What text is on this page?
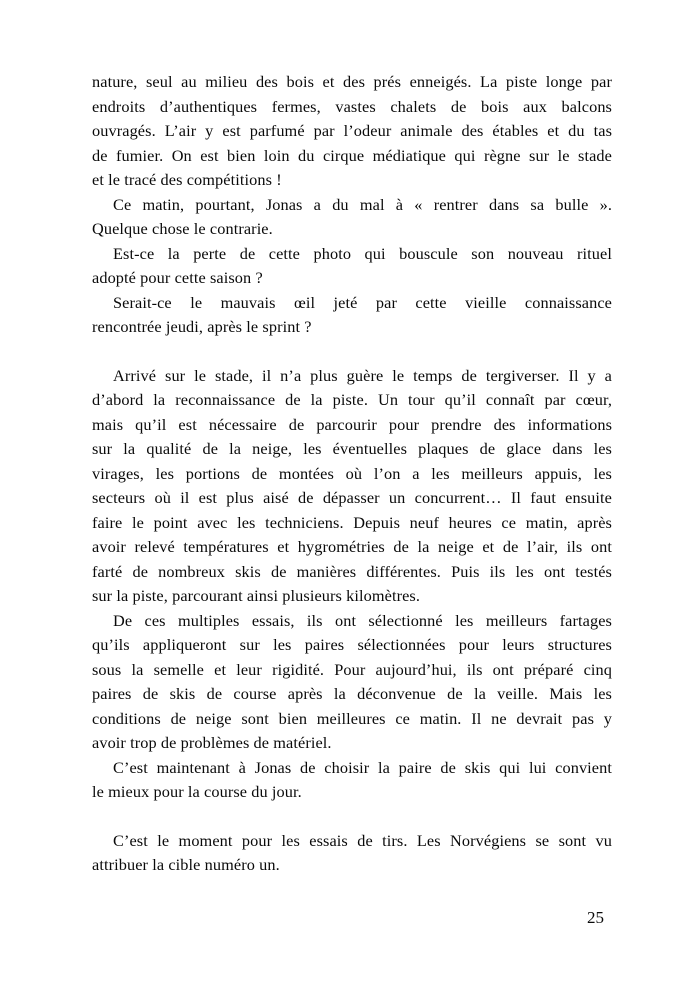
nature, seul au milieu des bois et des prés enneigés. La piste longe par
endroits d’authentiques fermes, vastes chalets de bois aux balcons
ouvragés. L’air y est parfumé par l’odeur animale des étables et du tas
de fumier. On est bien loin du cirque médiatique qui règne sur le stade
et le tracé des compétitions !
Ce matin, pourtant, Jonas a du mal à « rentrer dans sa bulle ».
Quelque chose le contrarie.
Est-ce la perte de cette photo qui bouscule son nouveau rituel
adopté pour cette saison ?
Serait-ce le mauvais œil jeté par cette vieille connaissance
rencontrée jeudi, après le sprint ?
Arrivé sur le stade, il n’a plus guère le temps de tergiverser. Il y a
d’abord la reconnaissance de la piste. Un tour qu’il connaît par cœur,
mais qu’il est nécessaire de parcourir pour prendre des informations
sur la qualité de la neige, les éventuelles plaques de glace dans les
virages, les portions de montées où l’on a les meilleurs appuis, les
secteurs où il est plus aisé de dépasser un concurrent… Il faut ensuite
faire le point avec les techniciens. Depuis neuf heures ce matin, après
avoir relevé températures et hygrométries de la neige et de l’air, ils ont
farté de nombreux skis de manières différentes. Puis ils les ont testés
sur la piste, parcourant ainsi plusieurs kilomètres.
De ces multiples essais, ils ont sélectionné les meilleurs fartages
qu’ils appliqueront sur les paires sélectionnées pour leurs structures
sous la semelle et leur rigidité. Pour aujourd’hui, ils ont préparé cinq
paires de skis de course après la déconvenue de la veille. Mais les
conditions de neige sont bien meilleures ce matin. Il ne devrait pas y
avoir trop de problèmes de matériel.
C’est maintenant à Jonas de choisir la paire de skis qui lui convient
le mieux pour la course du jour.
C’est le moment pour les essais de tirs. Les Norvégiens se sont vu
attribuer la cible numéro un.
25
